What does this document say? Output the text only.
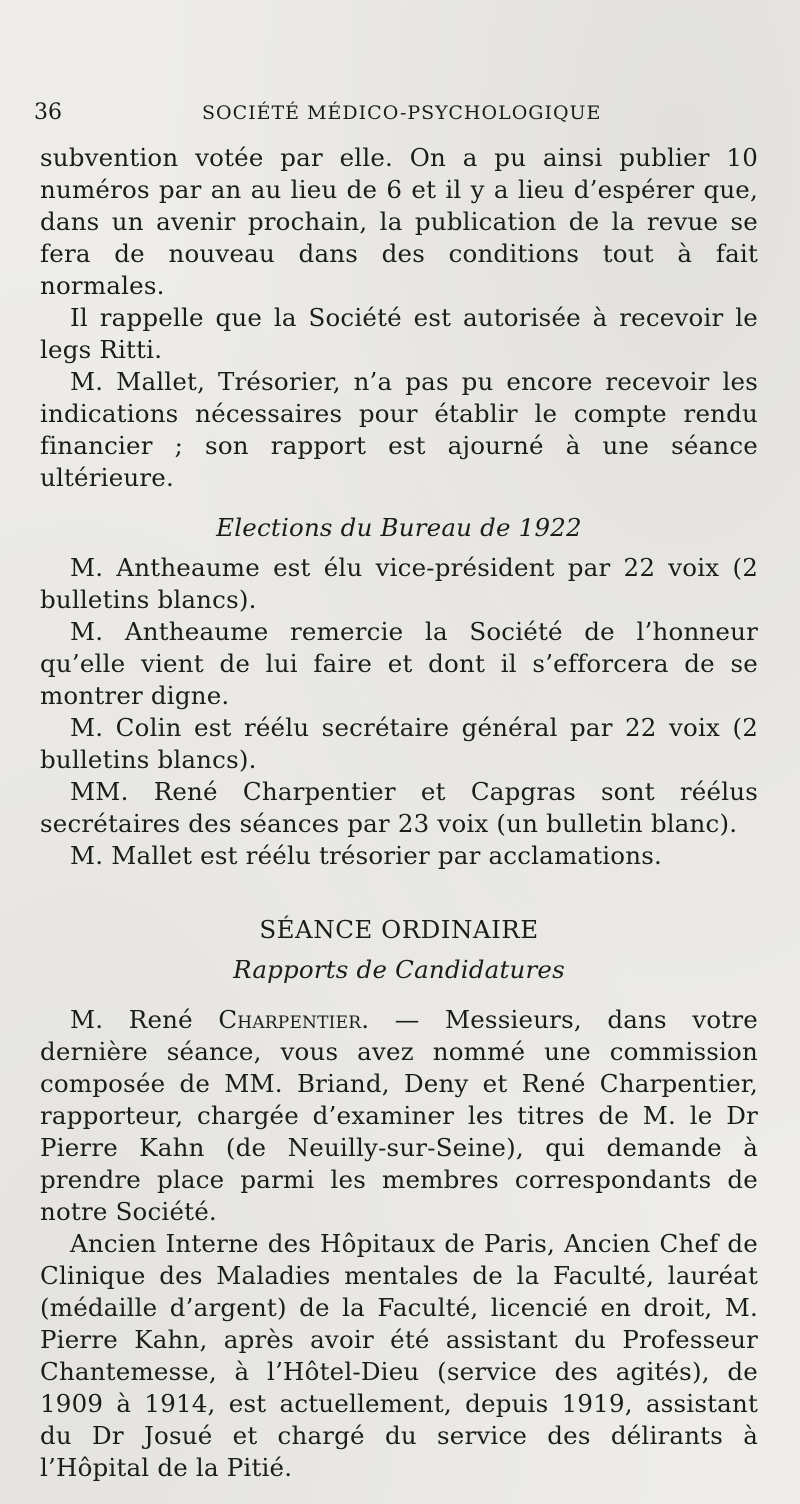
36	SOCIÉTÉ MÉDICO-PSYCHOLOGIQUE

subvention votée par elle. On a pu ainsi publier 10 numéros par an au lieu de 6 et il y a lieu d’espérer que, dans un avenir prochain, la publication de la revue se fera de nouveau dans des conditions tout à fait normales.

Il rappelle que la Société est autorisée à recevoir le legs Ritti.

M. Mallet, Trésorier, n’a pas pu encore recevoir les indications nécessaires pour établir le compte rendu financier ; son rapport est ajourné à une séance ultérieure.

Elections du Bureau de 1922

M. Antheaume est élu vice-président par 22 voix (2 bulletins blancs).

M. Antheaume remercie la Société de l’honneur qu’elle vient de lui faire et dont il s’efforcera de se montrer digne.

M. Colin est réélu secrétaire général par 22 voix (2 bulletins blancs).

MM. René Charpentier et Capgras sont réélus secrétaires des séances par 23 voix (un bulletin blanc).

M. Mallet est réélu trésorier par acclamations.

SÉANCE ORDINAIRE
Rapports de Candidatures

M. René Charpentier. — Messieurs, dans votre dernière séance, vous avez nommé une commission composée de MM. Briand, Deny et René Charpentier, rapporteur, chargée d’examiner les titres de M. le Dr Pierre Kahn (de Neuilly-sur-Seine), qui demande à prendre place parmi les membres correspondants de notre Société.

Ancien Interne des Hôpitaux de Paris, Ancien Chef de Clinique des Maladies mentales de la Faculté, lauréat (médaille d’argent) de la Faculté, licencié en droit, M. Pierre Kahn, après avoir été assistant du Professeur Chantemesse, à l’Hôtel-Dieu (service des agités), de 1909 à 1914, est actuellement, depuis 1919, assistant du Dr Josué et chargé du service des délirants à l’Hôpital de la Pitié.
